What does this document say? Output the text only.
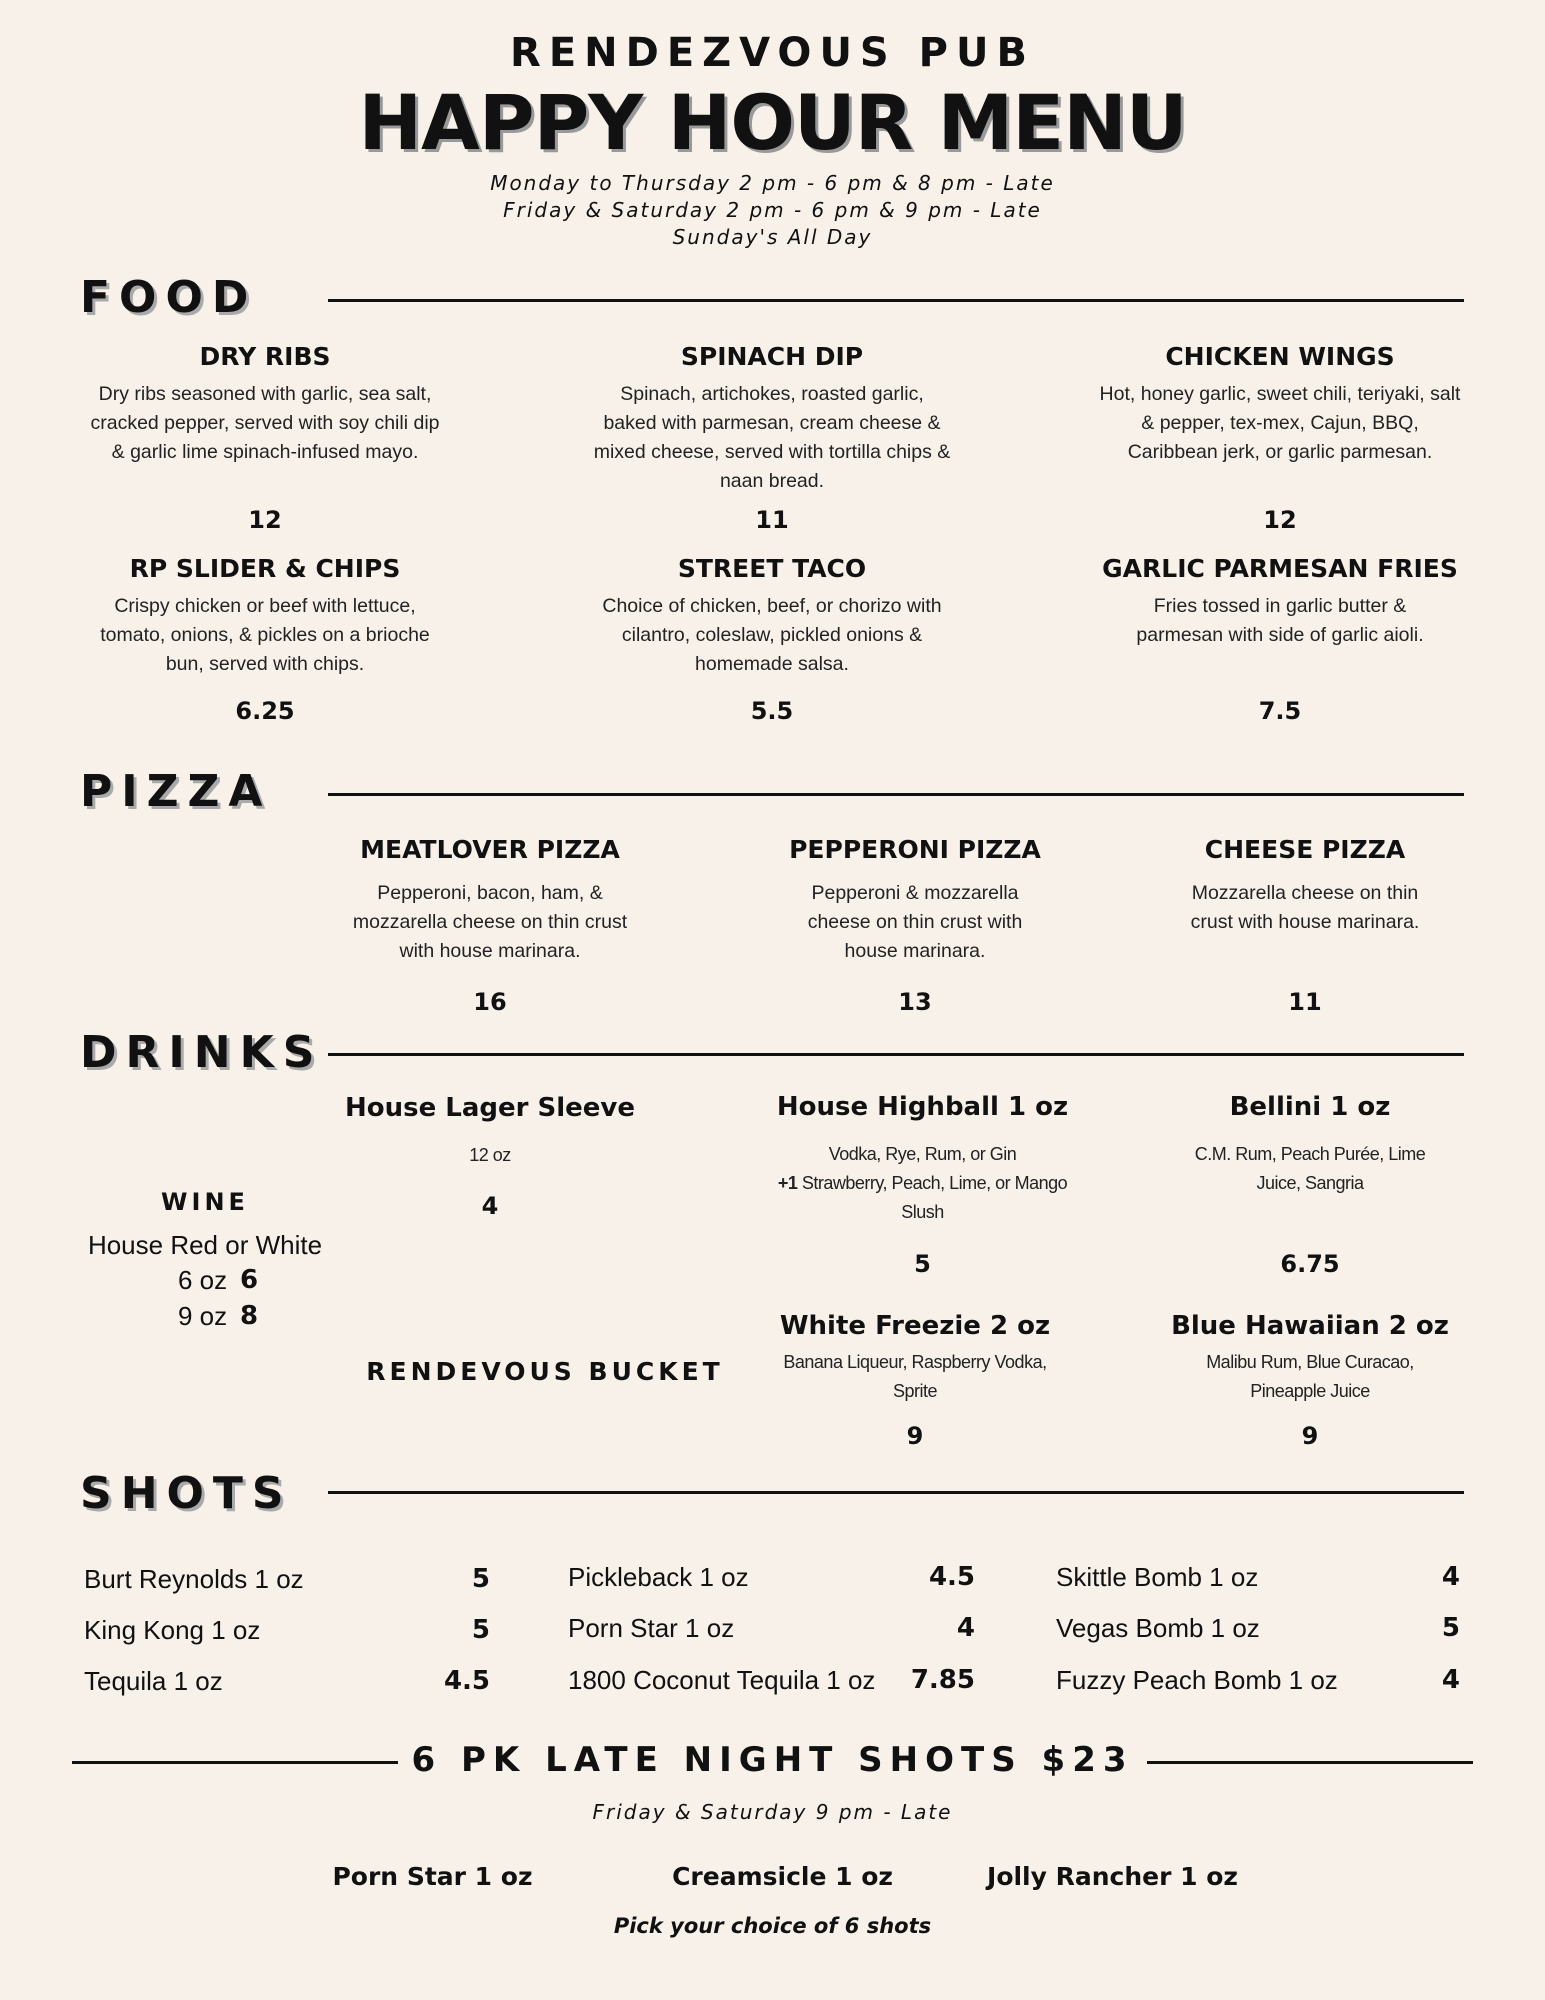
RENDEZVOUS PUB
HAPPY HOUR MENU
Monday to Thursday 2 pm - 6 pm & 8 pm - Late
Friday & Saturday 2 pm - 6 pm & 9 pm - Late
Sunday's All Day
FOOD
DRY RIBS
Dry ribs seasoned with garlic, sea salt, cracked pepper, served with soy chili dip & garlic lime spinach-infused mayo.
12
SPINACH DIP
Spinach, artichokes, roasted garlic, baked with parmesan, cream cheese & mixed cheese, served with tortilla chips & naan bread.
11
CHICKEN WINGS
Hot, honey garlic, sweet chili, teriyaki, salt & pepper, tex-mex, Cajun, BBQ, Caribbean jerk, or garlic parmesan.
12
RP SLIDER & CHIPS
Crispy chicken or beef with lettuce, tomato, onions, & pickles on a brioche bun, served with chips.
6.25
STREET TACO
Choice of chicken, beef, or chorizo with cilantro, coleslaw, pickled onions & homemade salsa.
5.5
GARLIC PARMESAN FRIES
Fries tossed in garlic butter & parmesan with side of garlic aioli.
7.5
PIZZA
MEATLOVER PIZZA
Pepperoni, bacon, ham, & mozzarella cheese on thin crust with house marinara.
16
PEPPERONI PIZZA
Pepperoni & mozzarella cheese on thin crust with house marinara.
13
CHEESE PIZZA
Mozzarella cheese on thin crust with house marinara.
11
DRINKS
WINE
House Red or White
6 oz 6
9 oz 8
House Lager Sleeve
12 oz
4
RENDEVOUS BUCKET
House Highball 1 oz
Vodka, Rye, Rum, or Gin
+1 Strawberry, Peach, Lime, or Mango Slush
5
Bellini 1 oz
C.M. Rum, Peach Purée, Lime Juice, Sangria
6.75
White Freezie 2 oz
Banana Liqueur, Raspberry Vodka, Sprite
9
Blue Hawaiian 2 oz
Malibu Rum, Blue Curacao, Pineapple Juice
9
SHOTS
Burt Reynolds 1 oz	5
King Kong 1 oz	5
Tequila 1 oz	4.5
Pickleback 1 oz	4.5
Porn Star 1 oz	4
1800 Coconut Tequila 1 oz	7.85
Skittle Bomb 1 oz	4
Vegas Bomb 1 oz	5
Fuzzy Peach Bomb 1 oz	4
6 PK LATE NIGHT SHOTS $23
Friday & Saturday 9 pm - Late
Porn Star 1 oz	Creamsicle 1 oz	Jolly Rancher 1 oz
Pick your choice of 6 shots
